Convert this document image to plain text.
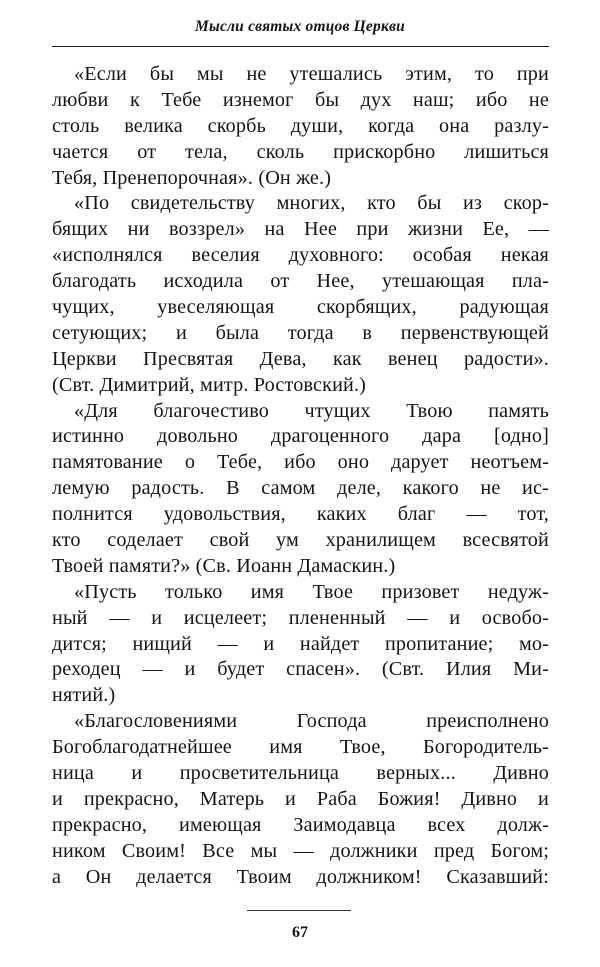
Мысли святых отцов Церкви
«Если бы мы не утешались этим, то при
любви к Тебе изнемог бы дух наш; ибо не
столь велика скорбь души, когда она разлу-
чается от тела, сколь прискорбно лишиться
Тебя, Пренепорочная». (Он же.)
«По свидетельству многих, кто бы из скор-
бящих ни воззрел» на Нее при жизни Ее, —
«исполнялся веселия духовного: особая некая
благодать исходила от Нее, утешающая пла-
чущих, увеселяющая скорбящих, радующая
сетующих; и была тогда в первенствующей
Церкви Пресвятая Дева, как венец радости».
(Свт. Димитрий, митр. Ростовский.)
«Для благочестиво чтущих Твою память
истинно довольно драгоценного дара [одно]
памятование о Тебе, ибо оно дарует неотъем-
лемую радость. В самом деле, какого не ис-
полнится удовольствия, каких благ — тот,
кто соделает свой ум хранилищем всесвятой
Твоей памяти?» (Св. Иоанн Дамаскин.)
«Пусть только имя Твое призовет недуж-
ный — и исцелеет; плененный — и освобо-
дится; нищий — и найдет пропитание; мо-
реходец — и будет спасен». (Свт. Илия Ми-
нятий.)
«Благословениями Господа преисполнено
Богоблагодатнейшее имя Твое, Богородитель-
ница и просветительница верных... Дивно
и прекрасно, Матерь и Раба Божия! Дивно и
прекрасно, имеющая Заимодавца всех долж-
ником Своим! Все мы — должники пред Богом;
а Он делается Твоим должником! Сказавший:
67
